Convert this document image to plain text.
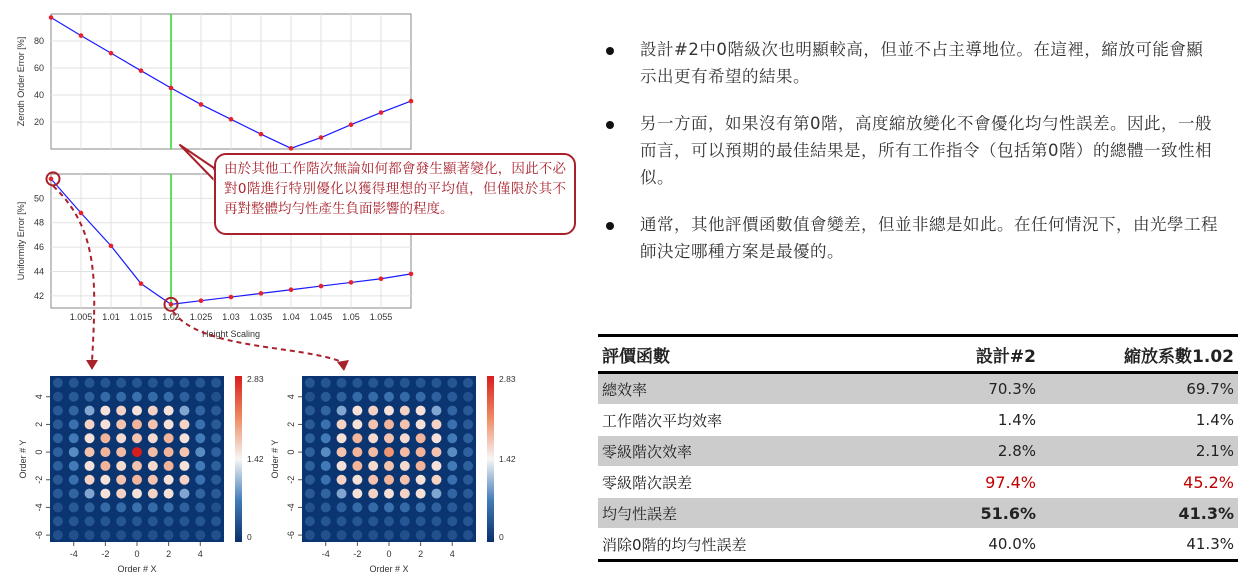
20
40
60
80
Zeroth Order Error [%]
42
44
46
48
50
Uniformity Error [%]
1.005 1.01 1.015 1.02 1.025 1.03 1.035 1.04 1.045 1.05 1.055
Height Scaling
-4	-2	0	2	4
Order # X
4
2
0
-2
-4
-6
Order # Y
2.83
1.42
0
-4	-2	0	2	4
Order # X
4
2
0
-2
-4
-6
Order # Y
2.83
1.42
0
由於其他工作階次無論如何都會發生顯著變化，因此不必對0階進行特別優化以獲得理想的平均值，但僅限於其不再對整體均勻性產生負面影響的程度。
設計#2中0階級次也明顯較高，但並不占主導地位。在這裡，縮放可能會顯示出更有希望的結果。
另一方面，如果沒有第0階，高度縮放變化不會優化均勻性誤差。因此，一般而言，可以預期的最佳結果是，所有工作指令（包括第0階）的總體一致性相似。
通常，其他評價函數值會變差，但並非總是如此。在任何情況下，由光學工程師決定哪種方案是最優的。
評價函數	設計#2	縮放系數1.02
總效率	70.3%	69.7%
工作階次平均效率	1.4%	1.4%
零級階次效率	2.8%	2.1%
零級階次誤差	97.4%	45.2%
均勻性誤差	51.6%	41.3%
消除0階的均勻性誤差	40.0%	41.3%
